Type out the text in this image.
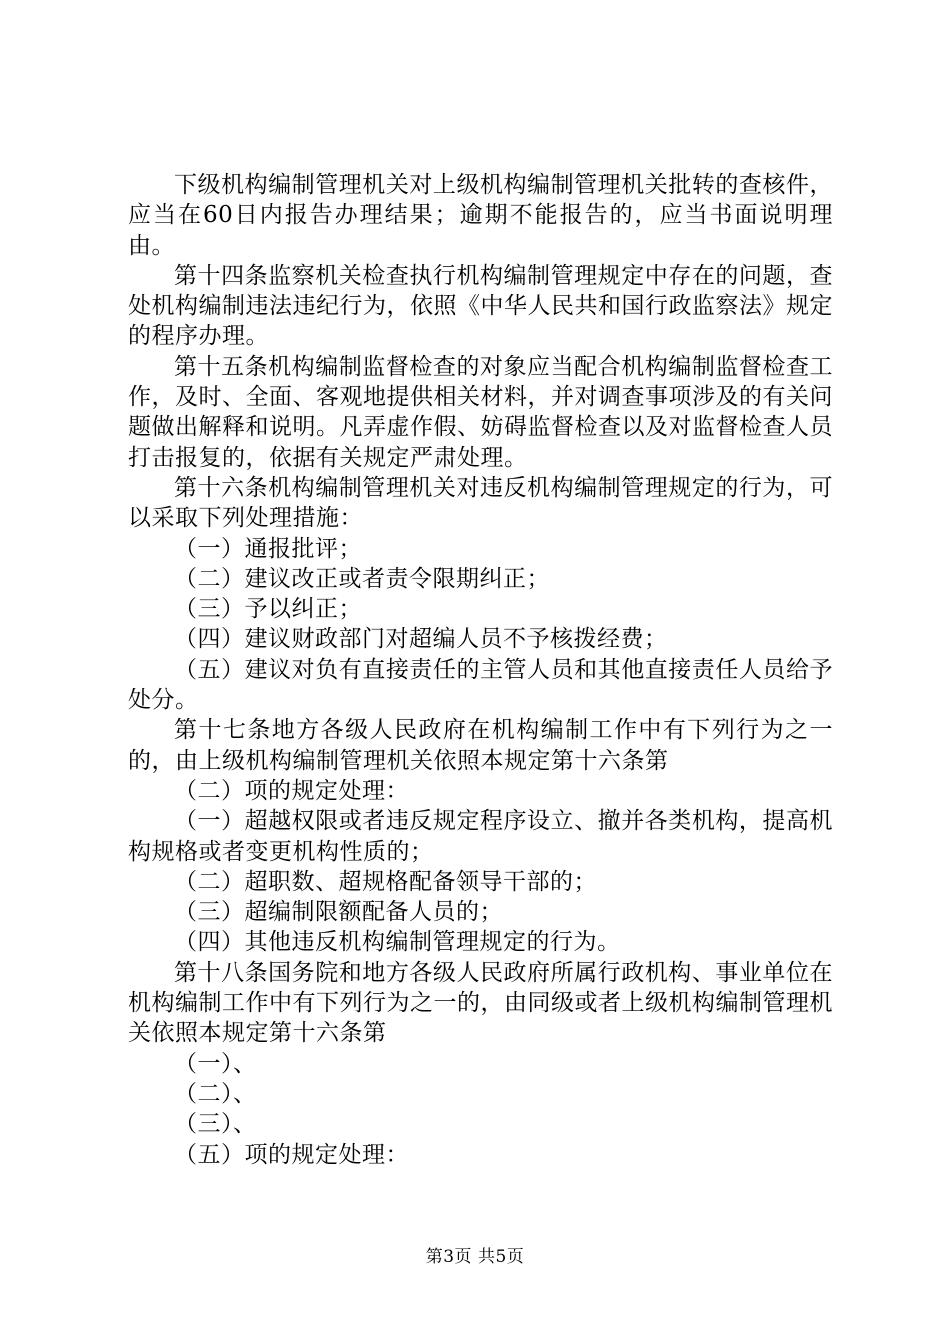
下级机构编制管理机关对上级机构编制管理机关批转的查核件，应当在60日内报告办理结果；逾期不能报告的，应当书面说明理由。

第十四条监察机关检查执行机构编制管理规定中存在的问题，查处机构编制违法违纪行为，依照《中华人民共和国行政监察法》规定的程序办理。

第十五条机构编制监督检查的对象应当配合机构编制监督检查工作，及时、全面、客观地提供相关材料，并对调查事项涉及的有关问题做出解释和说明。凡弄虚作假、妨碍监督检查以及对监督检查人员打击报复的，依据有关规定严肃处理。

第十六条机构编制管理机关对违反机构编制管理规定的行为，可以采取下列处理措施：

（一）通报批评；

（二）建议改正或者责令限期纠正；

（三）予以纠正；

（四）建议财政部门对超编人员不予核拨经费；

（五）建议对负有直接责任的主管人员和其他直接责任人员给予处分。

第十七条地方各级人民政府在机构编制工作中有下列行为之一的，由上级机构编制管理机关依照本规定第十六条第

（二）项的规定处理：

（一）超越权限或者违反规定程序设立、撤并各类机构，提高机构规格或者变更机构性质的；

（二）超职数、超规格配备领导干部的；

（三）超编制限额配备人员的；

（四）其他违反机构编制管理规定的行为。

第十八条国务院和地方各级人民政府所属行政机构、事业单位在机构编制工作中有下列行为之一的，由同级或者上级机构编制管理机关依照本规定第十六条第

（一）、

（二）、

（三）、

（五）项的规定处理：

第3页 共5页
